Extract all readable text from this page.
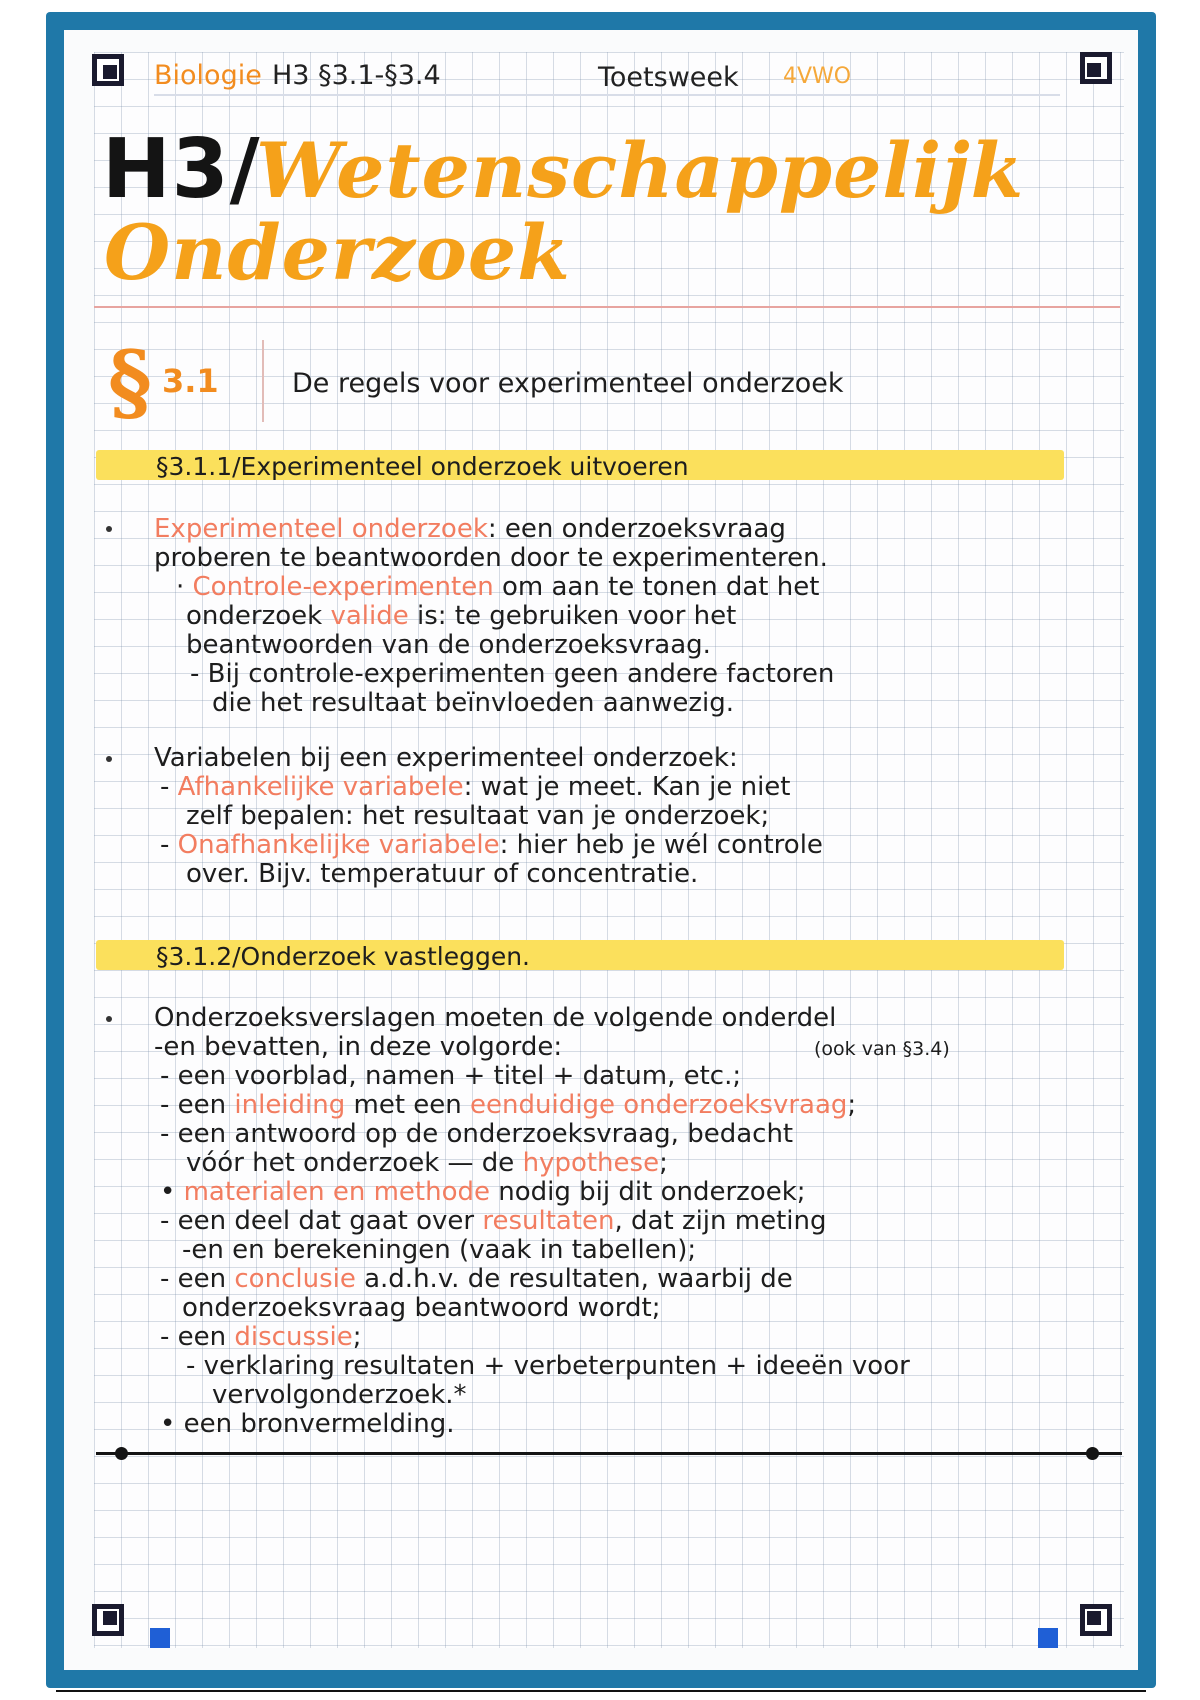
Biologie H3 §3.1-§3.4	Toetsweek 4VWO
H3/
Wetenschappelijk
Onderzoek
§ 3.1	De regels voor experimenteel onderzoek
§3.1.1/Experimenteel onderzoek uitvoeren
Experimenteel onderzoek: een onderzoeksvraag
proberen te beantwoorden door te experimenteren.
· Controle-experimenten om aan te tonen dat het
onderzoek valide is: te gebruiken voor het
beantwoorden van de onderzoeksvraag.
- Bij controle-experimenten geen andere factoren
die het resultaat beïnvloeden aanwezig.
Variabelen bij een experimenteel onderzoek:
- Afhankelijke variabele: wat je meet. Kan je niet
zelf bepalen: het resultaat van je onderzoek;
- Onafhankelijke variabele: hier heb je wél controle
over. Bijv. temperatuur of concentratie.
§3.1.2/Onderzoek vastleggen.
Onderzoeksverslagen moeten de volgende onderdel
-en bevatten, in deze volgorde:	(ook van §3.4)
- een voorblad, namen + titel + datum, etc.;
- een inleiding met een eenduidige onderzoeksvraag;
- een antwoord op de onderzoeksvraag, bedacht
vóór het onderzoek — de hypothese;
• materialen en methode nodig bij dit onderzoek;
- een deel dat gaat over resultaten, dat zijn meting
-en en berekeningen (vaak in tabellen);
- een conclusie a.d.h.v. de resultaten, waarbij de
onderzoeksvraag beantwoord wordt;
- een discussie;
- verklaring resultaten + verbeterpunten + ideeën voor
vervolgonderzoek.*
• een bronvermelding.
